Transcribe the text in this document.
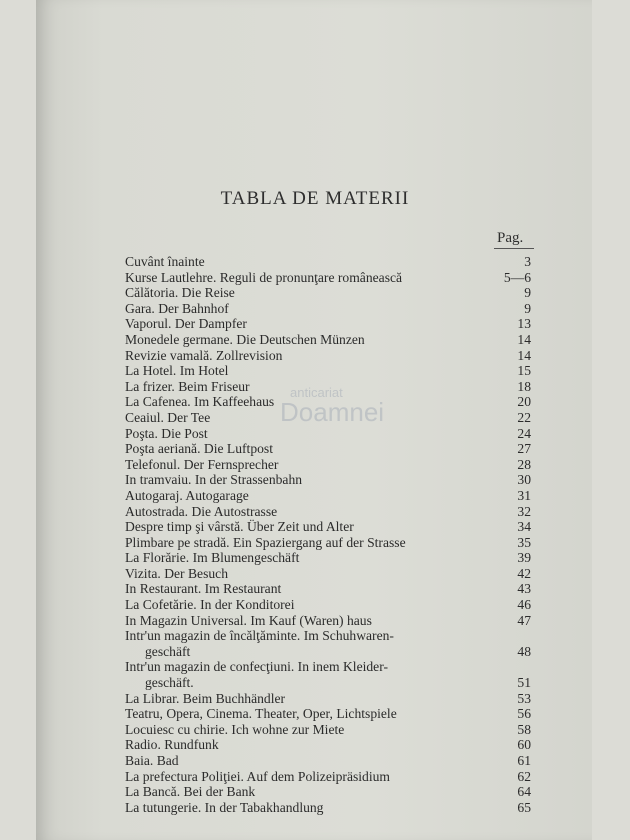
TABLA DE MATERII
Pag.
Cuvânt înainte	3
Kurse Lautlehre. Reguli de pronunţare românească	5—6
Călătoria. Die Reise	9
Gara. Der Bahnhof	9
Vaporul. Der Dampfer	13
Monedele germane. Die Deutschen Münzen	14
Revizie vamală. Zollrevision	14
La Hotel. Im Hotel	15
La frizer. Beim Friseur	18
La Cafenea. Im Kaffeehaus	20
Ceaiul. Der Tee	22
Poşta. Die Post	24
Poşta aeriană. Die Luftpost	27
Telefonul. Der Fernsprecher	28
In tramvaiu. In der Strassenbahn	30
Autogaraj. Autogarage	31
Autostrada. Die Autostrasse	32
Despre timp şi vârstă. Über Zeit und Alter	34
Plimbare pe stradă. Ein Spaziergang auf der Strasse	35
La Florărie. Im Blumengeschäft	39
Vizita. Der Besuch	42
In Restaurant. Im Restaurant	43
La Cofetărie. In der Konditorei	46
In Magazin Universal. Im Kauf (Waren) haus	47
Intr'un magazin de încălţăminte. Im Schuhwaren-
geschäft	48
Intr'un magazin de confecţiuni. In inem Kleider-
geschäft.	51
La Librar. Beim Buchhändler	53
Teatru, Opera, Cinema. Theater, Oper, Lichtspiele	56
Locuiesc cu chirie. Ich wohne zur Miete	58
Radio. Rundfunk	60
Baia. Bad	61
La prefectura Poliţiei. Auf dem Polizeipräsidium	62
La Bancă. Bei der Bank	64
La tutungerie. In der Tabakhandlung	65
anticariat
Doamnei
